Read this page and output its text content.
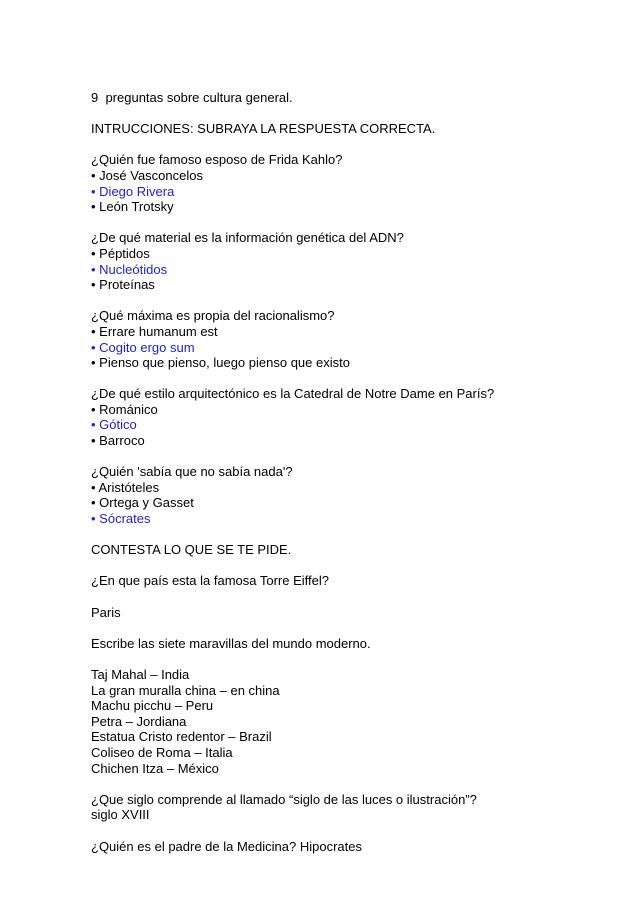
9  preguntas sobre cultura general.
INTRUCCIONES: SUBRAYA LA RESPUESTA CORRECTA.
¿Quién fue famoso esposo de Frida Kahlo?
• José Vasconcelos
• Diego Rivera
• León Trotsky
¿De qué material es la información genética del ADN?
• Péptidos
• Nucleótidos
• Proteínas
¿Qué máxima es propia del racionalismo?
• Errare humanum est
• Cogito ergo sum
• Pienso que pienso, luego pienso que existo
¿De qué estilo arquitectónico es la Catedral de Notre Dame en París?
• Románico
• Gótico
• Barroco
¿Quién 'sabía que no sabía nada'?
• Aristóteles
• Ortega y Gasset
• Sócrates
CONTESTA LO QUE SE TE PIDE.
¿En que país esta la famosa Torre Eiffel?
Paris
Escribe las siete maravillas del mundo moderno.
Taj Mahal – India
La gran muralla china – en china
Machu picchu – Peru
Petra – Jordiana
Estatua Cristo redentor – Brazil
Coliseo de Roma – Italia
Chichen Itza – México
¿Que siglo comprende al llamado “siglo de las luces o ilustración”?
siglo XVIII
¿Quién es el padre de la Medicina? Hipocrates
